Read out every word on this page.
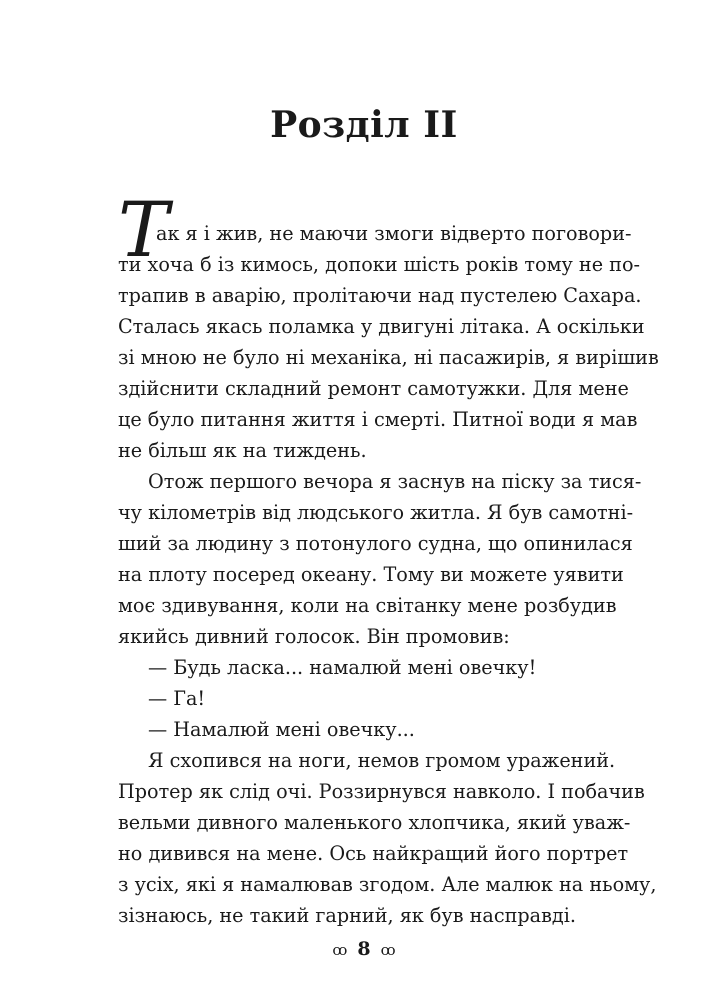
Розділ II
Т
ак я і жив, не маючи змоги відверто поговори-
ти хоча б із кимось, допоки шість років тому не по-
трапив в аварію, пролітаючи над пустелею Сахара.
Сталась якась поламка у двигуні літака. А оскільки
зі мною не було ні механіка, ні пасажирів, я вирішив
здійснити складний ремонт самотужки. Для мене
це було питання життя і смерті. Питної води я мав
не більш як на тиждень.
Отож першого вечора я заснув на піску за тися-
чу кілометрів від людського житла. Я був самотні-
ший за людину з потонулого судна, що опинилася
на плоту посеред океану. Тому ви можете уявити
моє здивування, коли на світанку мене розбудив
якийсь дивний голосок. Він промовив:
— Будь ласка... намалюй мені овечку!
— Га!
— Намалюй мені овечку...
Я схопився на ноги, немов громом уражений.
Протер як слід очі. Роззирнувся навколо. І побачив
вельми дивного маленького хлопчика, який уваж-
но дивився на мене. Ось найкращий його портрет
з усіх, які я намалював згодом. Але малюк на ньому,
зізнаюсь, не такий гарний, як був насправді.
ꝏ 8 ꝏ
